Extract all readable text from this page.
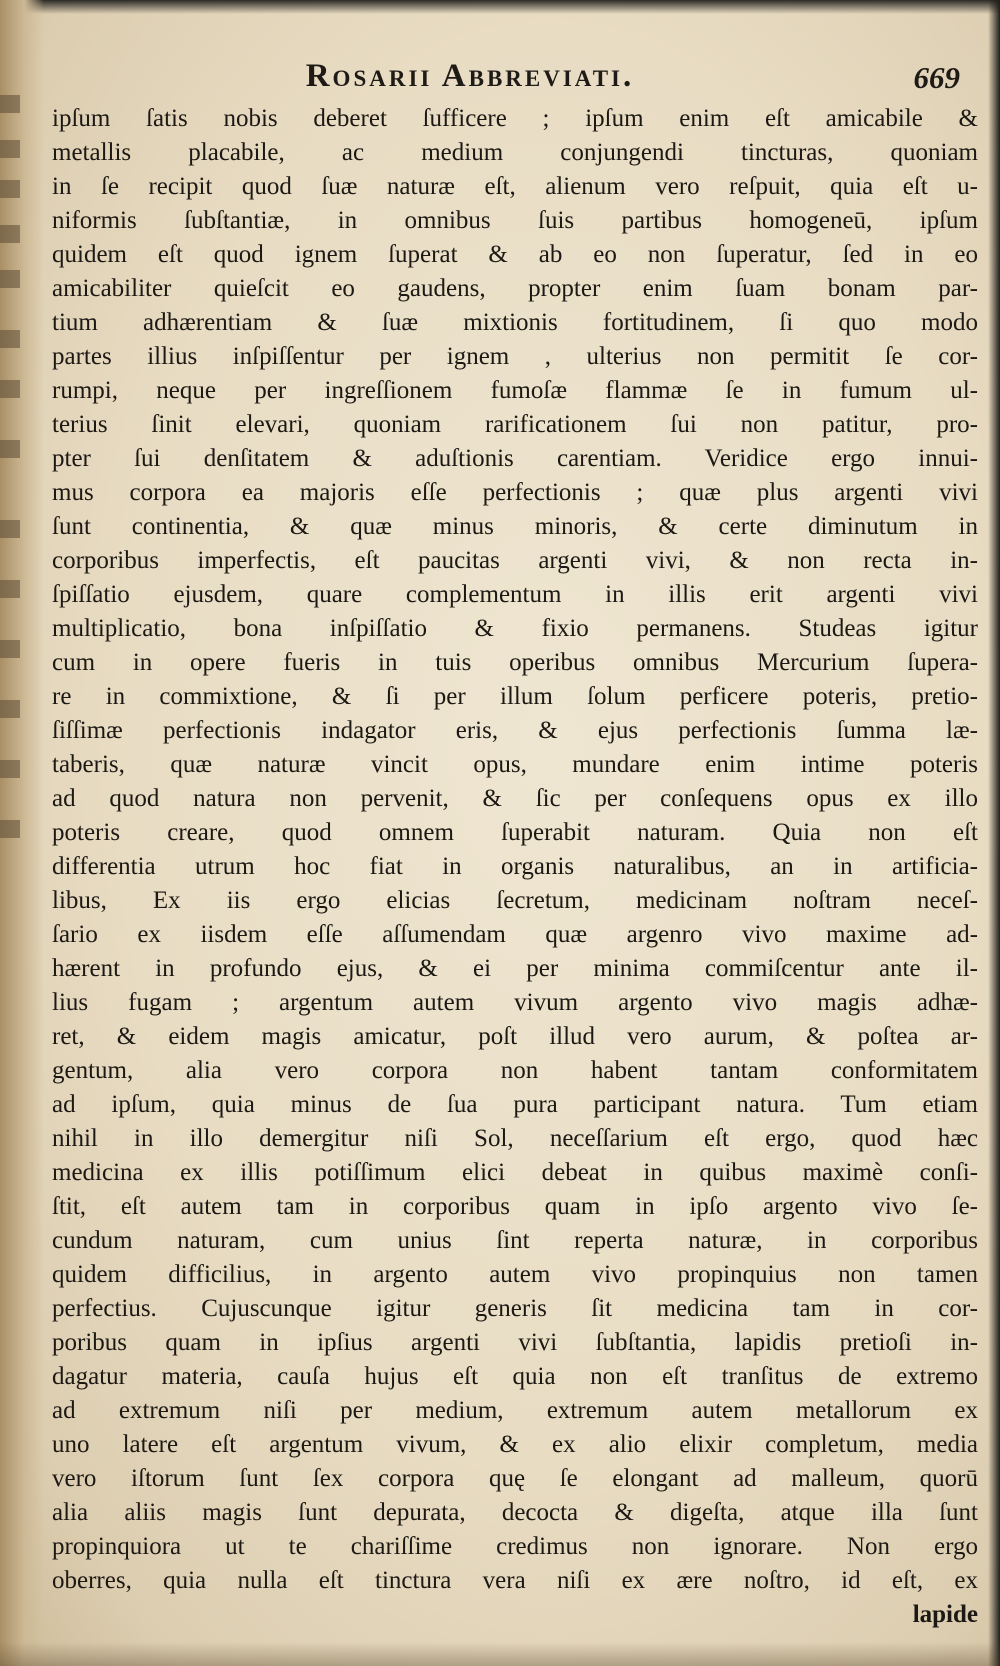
Rosarii Abbreviati.	669
ipſum ſatis nobis deberet ſufficere ; ipſum enim eſt amicabile &
metallis placabile, ac medium conjungendi tincturas, quoniam
in ſe recipit quod ſuæ naturæ eſt, alienum vero reſpuit, quia eſt u-
niformis ſubſtantiæ, in omnibus ſuis partibus homogeneū, ipſum
quidem eſt quod ignem ſuperat & ab eo non ſuperatur, ſed in eo
amicabiliter quieſcit eo gaudens, propter enim ſuam bonam par-
tium adhærentiam & ſuæ mixtionis fortitudinem, ſi quo modo
partes illius inſpiſſentur per ignem , ulterius non permitit ſe cor-
rumpi, neque per ingreſſionem fumoſæ flammæ ſe in fumum ul-
terius ſinit elevari, quoniam rarificationem ſui non patitur, pro-
pter ſui denſitatem & aduſtionis carentiam. Veridice ergo innui-
mus corpora ea majoris eſſe perfectionis ; quæ plus argenti vivi
ſunt continentia, & quæ minus minoris, & certe diminutum in
corporibus imperfectis, eſt paucitas argenti vivi, & non recta in-
ſpiſſatio ejusdem, quare complementum in illis erit argenti vivi
multiplicatio, bona inſpiſſatio & fixio permanens. Studeas igitur
cum in opere fueris in tuis operibus omnibus Mercurium ſupera-
re in commixtione, & ſi per illum ſolum perficere poteris, pretio-
ſiſſimæ perfectionis indagator eris, & ejus perfectionis ſumma læ-
taberis, quæ naturæ vincit opus, mundare enim intime poteris
ad quod natura non pervenit, & ſic per conſequens opus ex illo
poteris creare, quod omnem ſuperabit naturam. Quia non eſt
differentia utrum hoc fiat in organis naturalibus, an in artificia-
libus, Ex iis ergo elicias ſecretum, medicinam noſtram neceſ-
ſario ex iisdem eſſe aſſumendam quæ argenro vivo maxime ad-
hærent in profundo ejus, & ei per minima commiſcentur ante il-
lius fugam ; argentum autem vivum argento vivo magis adhæ-
ret, & eidem magis amicatur, poſt illud vero aurum, & poſtea ar-
gentum, alia vero corpora non habent tantam conformitatem
ad ipſum, quia minus de ſua pura participant natura. Tum etiam
nihil in illo demergitur niſi Sol, neceſſarium eſt ergo, quod hæc
medicina ex illis potiſſimum elici debeat in quibus maximè conſi-
ſtit, eſt autem tam in corporibus quam in ipſo argento vivo ſe-
cundum naturam, cum unius ſint reperta naturæ, in corporibus
quidem difficilius, in argento autem vivo propinquius non tamen
perfectius. Cujuscunque igitur generis ſit medicina tam in cor-
poribus quam in ipſius argenti vivi ſubſtantia, lapidis pretioſi in-
dagatur materia, cauſa hujus eſt quia non eſt tranſitus de extremo
ad extremum niſi per medium, extremum autem metallorum ex
uno latere eſt argentum vivum, & ex alio elixir completum, media
vero iſtorum ſunt ſex corpora quę ſe elongant ad malleum, quorū
alia aliis magis ſunt depurata, decocta & digeſta, atque illa ſunt
propinquiora ut te chariſſime credimus non ignorare. Non ergo
oberres, quia nulla eſt tinctura vera niſi ex ære noſtro, id eſt, ex
lapide
